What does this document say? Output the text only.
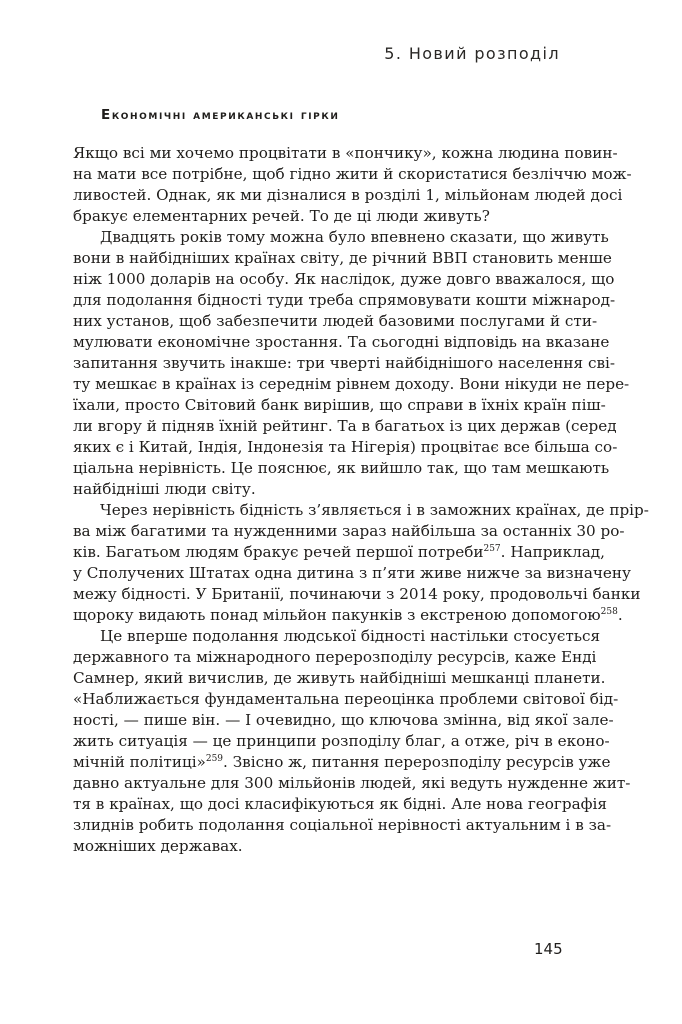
5. Новий розподіл
Економічні американські гірки
Якщо всі ми хочемо процвітати в «пончику», кожна людина повин-
на мати все потрібне, щоб гідно жити й скористатися безліччю мож-
ливостей. Однак, як ми дізналися в розділі 1, мільйонам людей досі
бракує елементарних речей. То де ці люди живуть?
Двадцять років тому можна було впевнено сказати, що живуть
вони в найбідніших країнах світу, де річний ВВП становить менше
ніж 1000 доларів на особу. Як наслідок, дуже довго вважалося, що
для подолання бідності туди треба спрямовувати кошти міжнарод-
них установ, щоб забезпечити людей базовими послугами й сти-
мулювати економічне зростання. Та сьогодні відповідь на вказане
запитання звучить інакше: три чверті найбіднішого населення сві-
ту мешкає в країнах із середнім рівнем доходу. Вони нікуди не пере-
їхали, просто Світовий банк вирішив, що справи в їхніх країн піш-
ли вгору й підняв їхній рейтинг. Та в багатьох із цих держав (серед
яких є і Китай, Індія, Індонезія та Нігерія) процвітає все більша со-
ціальна нерівність. Це пояснює, як вийшло так, що там мешкають
найбідніші люди світу.
Через нерівність бідність з’являється і в заможних країнах, де прір-
ва між багатими та нужденними зараз найбільша за останніх 30 ро-
ків. Багатьом людям бракує речей першої потреби$^{257}$. Наприклад,
у Сполучених Штатах одна дитина з п’яти живе нижче за визначену
межу бідності. У Британії, починаючи з 2014 року, продовольчі банки
щороку видають понад мільйон пакунків з екстреною допомогою$^{258}$.
Це вперше подолання людської бідності настільки стосується
державного та міжнародного перерозподілу ресурсів, каже Енді
Самнер, який вичислив, де живуть найбідніші мешканці планети.
«Наближається фундаментальна переоцінка проблеми світової бід-
ності, — пише він. — І очевидно, що ключова змінна, від якої зале-
жить ситуація — це принципи розподілу благ, а отже, річ в еконо-
мічній політиці»$^{259}$. Звісно ж, питання перерозподілу ресурсів уже
давно актуальне для 300 мільйонів людей, які ведуть нужденне жит-
тя в країнах, що досі класифікуються як бідні. Але нова географія
злиднів робить подолання соціальної нерівності актуальним і в за-
можніших державах.
145
